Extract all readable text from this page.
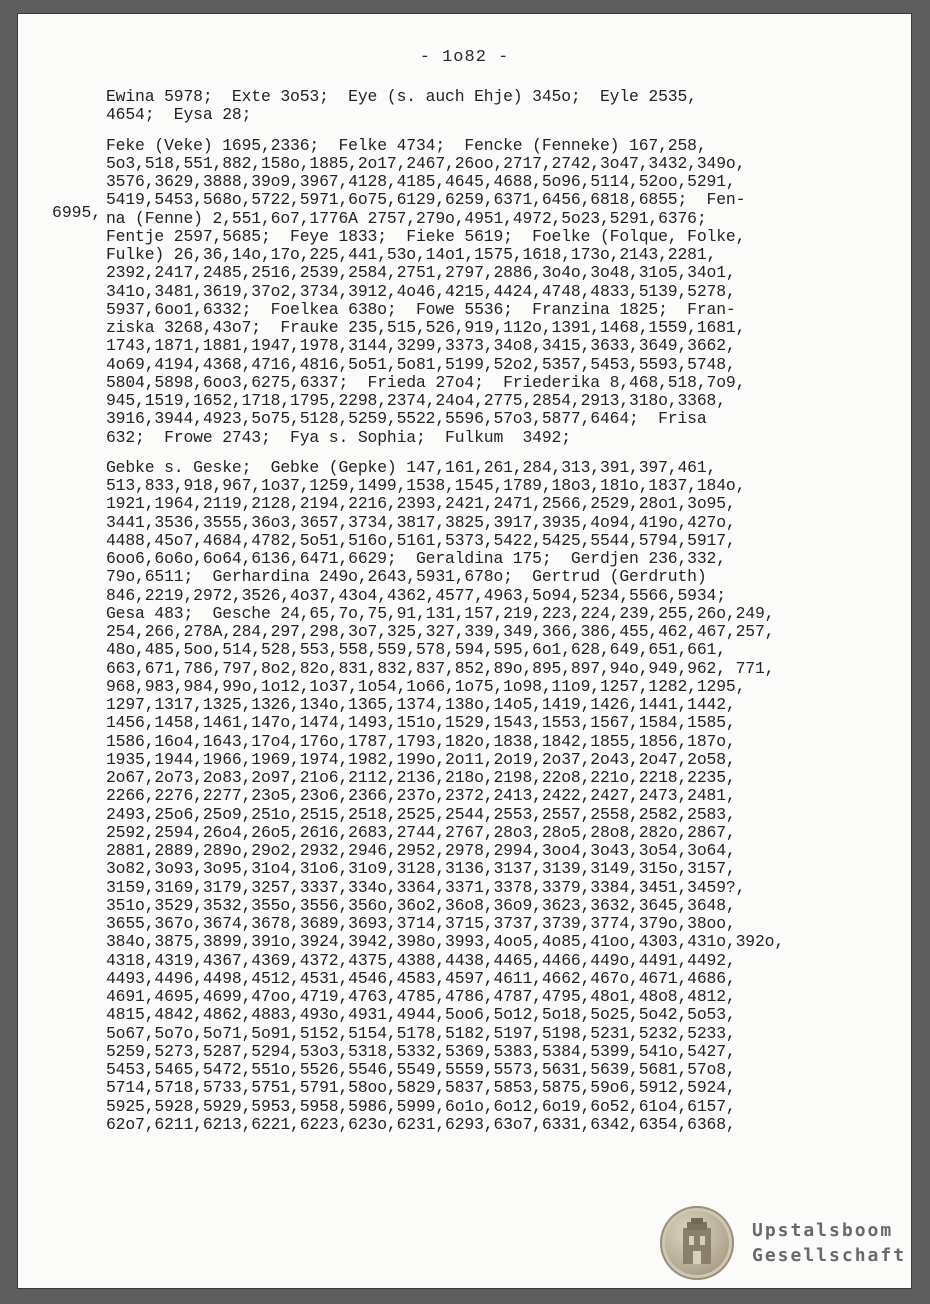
- 1o82 -
6995,
Ewina 5978;  Exte 3o53;  Eye (s. auch Ehje) 345o;  Eyle 2535,
4654;  Eysa 28;
Feke (Veke) 1695,2336;  Felke 4734;  Fencke (Fenneke) 167,258,
5o3,518,551,882,158o,1885,2o17,2467,26oo,2717,2742,3o47,3432,349o,
3576,3629,3888,39o9,3967,4128,4185,4645,4688,5o96,5114,52oo,5291,
5419,5453,568o,5722,5971,6o75,6129,6259,6371,6456,6818,6855;  Fen-
na (Fenne) 2,551,6o7,1776A 2757,279o,4951,4972,5o23,5291,6376;
Fentje 2597,5685;  Feye 1833;  Fieke 5619;  Foelke (Folque, Folke,
Fulke) 26,36,14o,17o,225,441,53o,14o1,1575,1618,173o,2143,2281,
2392,2417,2485,2516,2539,2584,2751,2797,2886,3o4o,3o48,31o5,34o1,
341o,3481,3619,37o2,3734,3912,4o46,4215,4424,4748,4833,5139,5278,
5937,6oo1,6332;  Foelkea 638o;  Fowe 5536;  Franzina 1825;  Fran-
ziska 3268,43o7;  Frauke 235,515,526,919,112o,1391,1468,1559,1681,
1743,1871,1881,1947,1978,3144,3299,3373,34o8,3415,3633,3649,3662,
4o69,4194,4368,4716,4816,5o51,5o81,5199,52o2,5357,5453,5593,5748,
5804,5898,6oo3,6275,6337;  Frieda 27o4;  Friederika 8,468,518,7o9,
945,1519,1652,1718,1795,2298,2374,24o4,2775,2854,2913,318o,3368,
3916,3944,4923,5o75,5128,5259,5522,5596,57o3,5877,6464;  Frisa
632;  Frowe 2743;  Fya s. Sophia;  Fulkum  3492;
Gebke s. Geske;  Gebke (Gepke) 147,161,261,284,313,391,397,461,
513,833,918,967,1o37,1259,1499,1538,1545,1789,18o3,181o,1837,184o,
1921,1964,2119,2128,2194,2216,2393,2421,2471,2566,2529,28o1,3o95,
3441,3536,3555,36o3,3657,3734,3817,3825,3917,3935,4o94,419o,427o,
4488,45o7,4684,4782,5o51,516o,5161,5373,5422,5425,5544,5794,5917,
6oo6,6o6o,6o64,6136,6471,6629;  Geraldina 175;  Gerdjen 236,332,
79o,6511;  Gerhardina 249o,2643,5931,678o;  Gertrud (Gerdruth)
846,2219,2972,3526,4o37,43o4,4362,4577,4963,5o94,5234,5566,5934;
Gesa 483;  Gesche 24,65,7o,75,91,131,157,219,223,224,239,255,26o,249,
254,266,278A,284,297,298,3o7,325,327,339,349,366,386,455,462,467,257,
48o,485,5oo,514,528,553,558,559,578,594,595,6o1,628,649,651,661,
663,671,786,797,8o2,82o,831,832,837,852,89o,895,897,94o,949,962, 771,
968,983,984,99o,1o12,1o37,1o54,1o66,1o75,1o98,11o9,1257,1282,1295,
1297,1317,1325,1326,134o,1365,1374,138o,14o5,1419,1426,1441,1442,
1456,1458,1461,147o,1474,1493,151o,1529,1543,1553,1567,1584,1585,
1586,16o4,1643,17o4,176o,1787,1793,182o,1838,1842,1855,1856,187o,
1935,1944,1966,1969,1974,1982,199o,2o11,2o19,2o37,2o43,2o47,2o58,
2o67,2o73,2o83,2o97,21o6,2112,2136,218o,2198,22o8,221o,2218,2235,
2266,2276,2277,23o5,23o6,2366,237o,2372,2413,2422,2427,2473,2481,
2493,25o6,25o9,251o,2515,2518,2525,2544,2553,2557,2558,2582,2583,
2592,2594,26o4,26o5,2616,2683,2744,2767,28o3,28o5,28o8,282o,2867,
2881,2889,289o,29o2,2932,2946,2952,2978,2994,3oo4,3o43,3o54,3o64,
3o82,3o93,3o95,31o4,31o6,31o9,3128,3136,3137,3139,3149,315o,3157,
3159,3169,3179,3257,3337,334o,3364,3371,3378,3379,3384,3451,3459?,
351o,3529,3532,355o,3556,356o,36o2,36o8,36o9,3623,3632,3645,3648,
3655,367o,3674,3678,3689,3693,3714,3715,3737,3739,3774,379o,38oo,
384o,3875,3899,391o,3924,3942,398o,3993,4oo5,4o85,41oo,4303,431o,392o,
4318,4319,4367,4369,4372,4375,4388,4438,4465,4466,449o,4491,4492,
4493,4496,4498,4512,4531,4546,4583,4597,4611,4662,467o,4671,4686,
4691,4695,4699,47oo,4719,4763,4785,4786,4787,4795,48o1,48o8,4812,
4815,4842,4862,4883,493o,4931,4944,5oo6,5o12,5o18,5o25,5o42,5o53,
5o67,5o7o,5o71,5o91,5152,5154,5178,5182,5197,5198,5231,5232,5233,
5259,5273,5287,5294,53o3,5318,5332,5369,5383,5384,5399,541o,5427,
5453,5465,5472,551o,5526,5546,5549,5559,5573,5631,5639,5681,57o8,
5714,5718,5733,5751,5791,58oo,5829,5837,5853,5875,59o6,5912,5924,
5925,5928,5929,5953,5958,5986,5999,6o1o,6o12,6o19,6o52,61o4,6157,
62o7,6211,6213,6221,6223,623o,6231,6293,63o7,6331,6342,6354,6368,
Upstalsboom
Gesellschaft
